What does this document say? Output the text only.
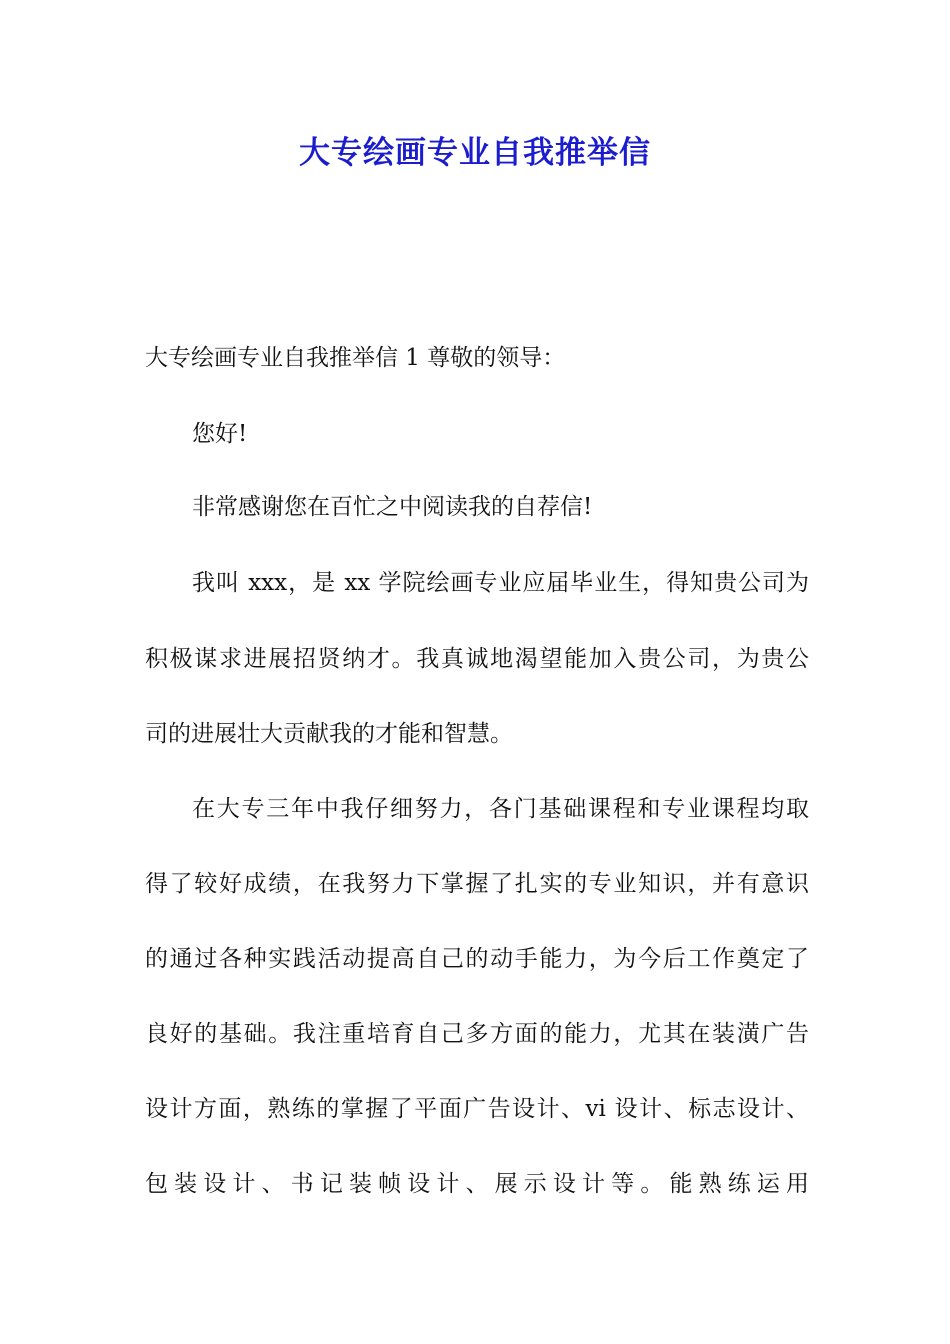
大专绘画专业自我推举信
大专绘画专业自我推举信 1 尊敬的领导：
您好!
非常感谢您在百忙之中阅读我的自荐信!
我叫 xxx，是 xx 学院绘画专业应届毕业生，得知贵公司为
积极谋求进展招贤纳才。我真诚地渴望能加入贵公司，为贵公
司的进展壮大贡献我的才能和智慧。
在大专三年中我仔细努力，各门基础课程和专业课程均取
得了较好成绩，在我努力下掌握了扎实的专业知识，并有意识
的通过各种实践活动提高自己的动手能力，为今后工作奠定了
良好的基础。我注重培育自己多方面的能力，尤其在装潢广告
设计方面，熟练的掌握了平面广告设计、vi 设计、标志设计、
包装设计、书记装帧设计、展示设计等。能熟练运用
